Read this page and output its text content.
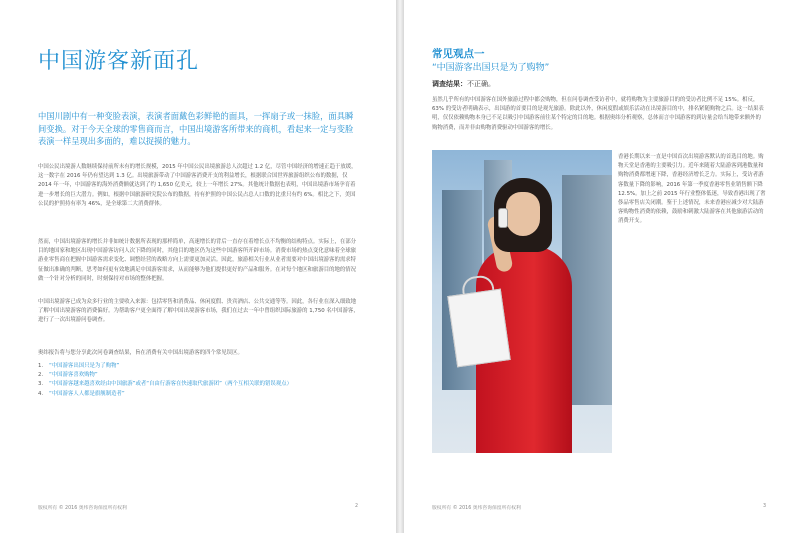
中国游客新面孔
中国川剧中有一种变脸表演，表演者面戴色彩鲜艳的面具，一挥扇子或一抹脸，面具瞬间变换。对于今天全球的零售商而言，中国出境游客所带来的商机，看起来一定与变脸表演一样呈现出多面的，难以捉摸的魅力。

中国公民出境游人数继续保持前所未有的增长规模，2015 年中国公民出境旅游总人次超过 1.2 亿，尽管中国经济的增速正趋于放缓，这一数字在 2016 年仍有望达到 1.3 亿。出境旅游带动了中国游客消费开支的利益增长，根据联合国世界旅游组织公布的数据，仅 2014 年一年，中国游客的海外消费额就达到了约 1,650 亿美元，较上一年增长 27%。其他统计数据也表明，中国出境游市场孕育着进一步增长的巨大潜力。例如，根据中国旅游研究院公布的数据，持有护照的中国公民占总人口数的比重只有约 6%。相比之下，美国公民的护照持有率为 46%，是全球第二大消费群体。

然而，中国出境游客的增长并非如统计数据所表现的那样简单，高速增长的背后一直存在着增长点不均衡的结构特点。实际上，在部分目的地国家和地区出现中国游客访问人次下降的同时，其他目的地区仍为这些中国游客所开辟市场。消费市场的热点变化意味着全球旅游业零售商在把握中国游客需求变化、调整经营的战略方向上需要更加灵活。因此，旅游相关行业从业者需要对中国出境游客的需求特征做出准确的判断，思考如何更有效地满足中国游客需求，从而能够为他们提供更好的产品和服务。在对每个地区和旅游目的地的情况做一个针对分析的同时，时刻保持对市场的整体把握。

中国出境游客已成为众多行业的主要收入来源：包括零售和消费品、休闲度假、贵宾酒店、公共交通等等。因此，各行业在深入细致地了解中国出境游客的消费偏好。为帮助客户更全面得了解中国出境游客市场，我们在过去一年中曾组织国际旅游的 1,750 名中国游客，进行了一次出境游问卷调查。

奥纬报告将与您分享此次问卷调查结果，旨在消费有关中国出境游客的四个常见误区。

1. “中国游客出国只是为了购物”
2. “中国游客喜欢购物”
3. “中国游客越来越喜欢经由中国旅游”或者“自由行游客在快速取代旅游团”（两个互相关联的错误观点）
4. “中国游客人人都是旗舰制造者”
版权所有 © 2016 奥纬咨询保留所有权利	2
常见观点一
“中国游客出国只是为了购物”
调查结果：不正确。

虽然几乎所有的中国游客在国外旅游过程中都会购物，但在问卷调查受访者中，就将购物为主要旅游目的的受访者比例不足 15%。相反，63% 的受访者明确表示，出国游的首要目的是观光旅游。除此以外，休闲度假或娱乐活动在出境游目的中，排名紧随购物之后。这一结果表明，仅仅依赖购物本身已不足以吸引中国游客前往某个特定的目的地。根据奥纬分析观察，总体而言中国游客的到访量会给当地带来额外的购物消费，而并非由购物消费驱动中国游客的增长。

香港长期以来一直是中国首次出境游客默认的首选目的地。购物天堂是香港的主要吸引力。近年来随着大陆游客到港数量和购物消费都增速下降，香港经济增长乏力。实际上，受访者游客数量下降的影响，2016 年第一季度香港零售业销售额下降 12.5%。加上之前 2015 年行业整体低迷，导致香港出现了奢侈品零售店关闭潮。鉴于上述情况，未来香港应减少对大陆游客购物性消费的依赖，鼓励和刺激大陆游客在其他旅游活动的消费开支。

版权所有 © 2016 奥纬咨询保留所有权利	3
